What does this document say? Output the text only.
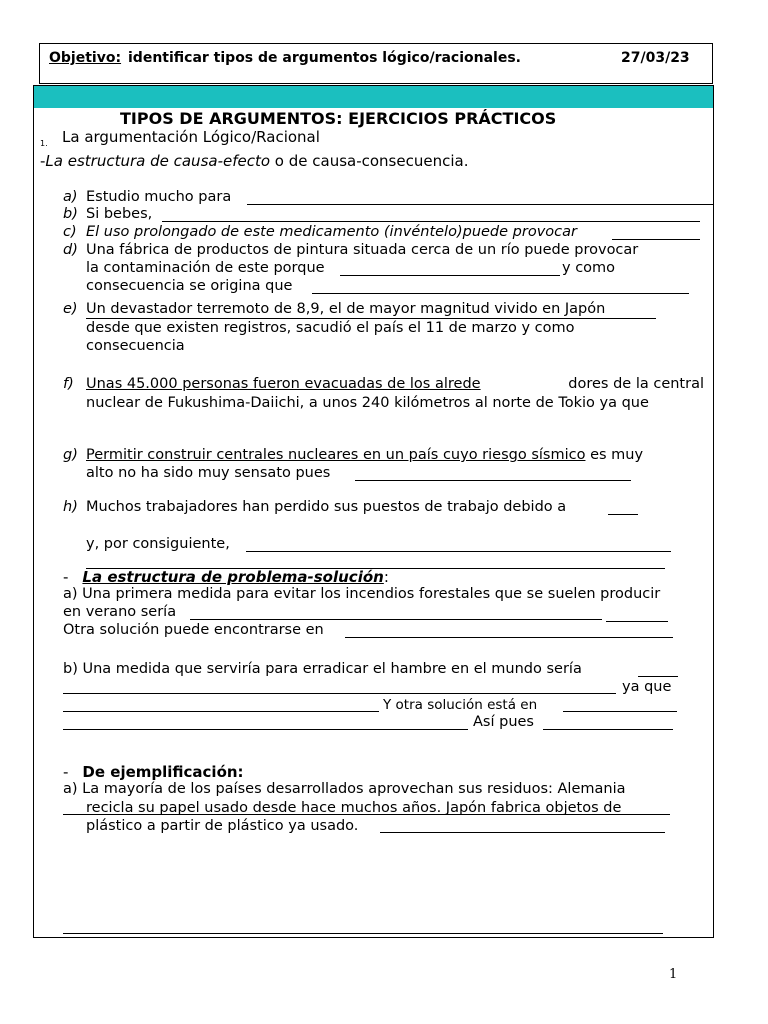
Objetivo: identificar tipos de argumentos lógico/racionales.	27/03/23
TIPOS DE ARGUMENTOS: EJERCICIOS PRÁCTICOS
1. La argumentación Lógico/Racional
-La estructura de causa-efecto o de causa-consecuencia.
a) Estudio mucho para
b) Si bebes,
c) El uso prolongado de este medicamento (invéntelo)puede provocar
d) Una fábrica de productos de pintura situada cerca de un río puede provocar
la contaminación de este porque	y como
consecuencia se origina que
e) Un devastador terremoto de 8,9, el de mayor magnitud vivido en Japón
desde que existen registros, sacudió el país el 11 de marzo y como
consecuencia
f) Unas 45.000 personas fueron evacuadas de los alrede	dores de la central
nuclear de Fukushima-Daiichi, a unos 240 kilómetros al norte de Tokio ya que
g) Permitir construir centrales nucleares en un país cuyo riesgo sísmico es muy
alto no ha sido muy sensato pues
h) Muchos trabajadores han perdido sus puestos de trabajo debido a
y, por consiguiente,
- La estructura de problema-solución:
a) Una primera medida para evitar los incendios forestales que se suelen producir
en verano sería
Otra solución puede encontrarse en
b) Una medida que serviría para erradicar el hambre en el mundo sería
ya que
Y otra solución está en
Así pues
- De ejemplificación:
a) La mayoría de los países desarrollados aprovechan sus residuos: Alemania
recicla su papel usado desde hace muchos años. Japón fabrica objetos de
plástico a partir de plástico ya usado.
1
